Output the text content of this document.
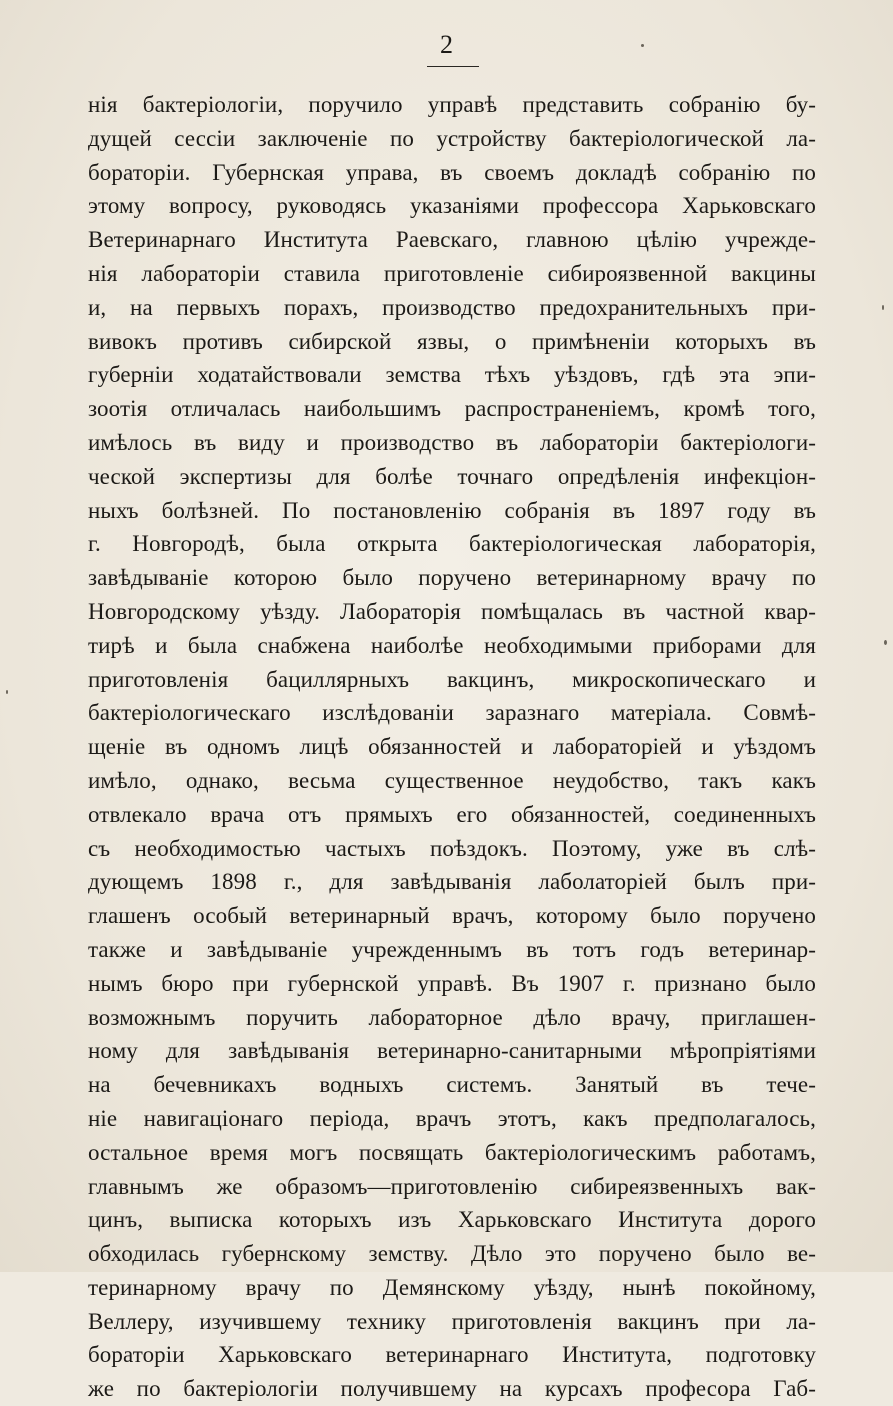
2
нія бактеріологіи, поручило управѣ представить собранію бу-
дущей сессіи заключеніе по устройству бактеріологической ла-
бораторіи. Губернская управа, въ своемъ докладѣ собранію по
этому вопросу, руководясь указаніями профессора Харьковскаго
Ветеринарнаго Института Раевскаго, главною цѣлію учрежде-
нія лабораторіи ставила приготовленіе сибироязвенной вакцины
и, на первыхъ порахъ, производство предохранительныхъ при-
вивокъ противъ сибирской язвы, о примѣненіи которыхъ въ
губерніи ходатайствовали земства тѣхъ уѣздовъ, гдѣ эта эпи-
зоотія отличалась наибольшимъ распространеніемъ, кромѣ того,
имѣлось въ виду и производство въ лабораторіи бактеріологи-
ческой экспертизы для болѣе точнаго опредѣленія инфекціон-
ныхъ болѣзней. По постановленію собранія въ 1897 году въ
г. Новгородѣ, была открыта бактеріологическая лабораторія,
завѣдываніе которою было поручено ветеринарному врачу по
Новгородскому уѣзду. Лабораторія помѣщалась въ частной квар-
тирѣ и была снабжена наиболѣе необходимыми приборами для
приготовленія бациллярныхъ вакцинъ, микроскопическаго и
бактеріологическаго изслѣдованіи заразнаго матеріала. Совмѣ-
щеніе въ одномъ лицѣ обязанностей и лабораторіей и уѣздомъ
имѣло, однако, весьма существенное неудобство, такъ какъ
отвлекало врача отъ прямыхъ его обязанностей, соединенныхъ
съ необходимостью частыхъ поѣздокъ. Поэтому, уже въ слѣ-
дующемъ 1898 г., для завѣдыванія лаболаторіей былъ при-
глашенъ особый ветеринарный врачъ, которому было поручено
также и завѣдываніе учрежденнымъ въ тотъ годъ ветеринар-
нымъ бюро при губернской управѣ. Въ 1907 г. признано было
возможнымъ поручить лабораторное дѣло врачу, приглашен-
ному для завѣдыванія ветеринарно-санитарными мѣропріятіями
на бечевникахъ водныхъ системъ. Занятый въ тече-
ніе навигаціонаго періода, врачъ этотъ, какъ предполагалось,
остальное время могъ посвящать бактеріологическимъ работамъ,
главнымъ же образомъ—приготовленію сибиреязвенныхъ вак-
цинъ, выписка которыхъ изъ Харьковскаго Института дорого
обходилась губернскому земству. Дѣло это поручено было ве-
теринарному врачу по Демянскому уѣзду, нынѣ покойному,
Веллеру, изучившему технику приготовленія вакцинъ при ла-
бораторіи Харьковскаго ветеринарнаго Института, подготовку
же по бактеріологіи получившему на курсахъ професора Габ-
